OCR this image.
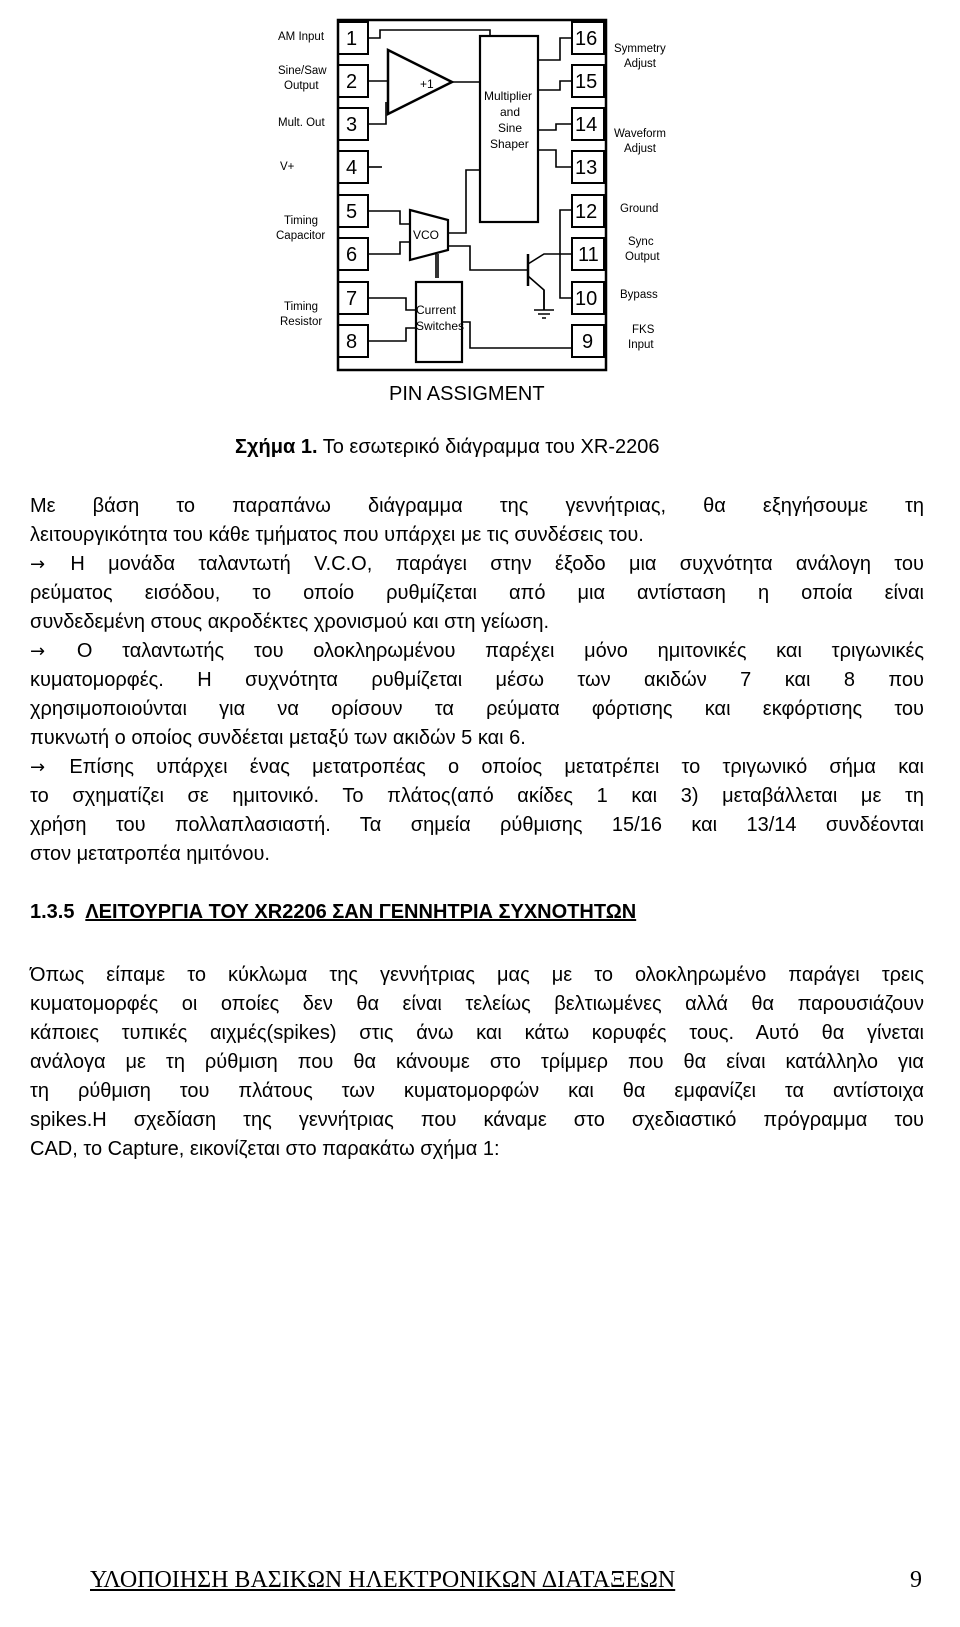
1
2
3
4
5
6
7
8
16
15
14
13
12
11
10
9
AM Input
Sine/Saw
Output
Mult. Out
V+
Timing
Capacitor
Timing
Resistor
Symmetry
Adjust
Waveform
Adjust
Ground
Sync
Output
Bypass
FKS
Input
+1
Multiplier
and
Sine
Shaper
VCO
Current
Switches
PIN ASSIGMENT
Σχήμα 1. Το εσωτερικό διάγραμμα του XR-2206
Με βάση το παραπάνω διάγραμμα της γεννήτριας, θα εξηγήσουμε τη
λειτουργικότητα του κάθε τμήματος που υπάρχει με τις συνδέσεις του.
→ Η μονάδα ταλαντωτή V.C.O, παράγει στην έξοδο μια συχνότητα ανάλογη του
ρεύματος εισόδου, το οποίο ρυθμίζεται από μια αντίσταση η οποία είναι
συνδεδεμένη στους ακροδέκτες χρονισμού και στη γείωση.
→ Ο ταλαντωτής του ολοκληρωμένου παρέχει μόνο ημιτονικές και τριγωνικές
κυματομορφές. Η συχνότητα ρυθμίζεται μέσω των ακιδών 7 και 8 που
χρησιμοποιούνται για να ορίσουν τα ρεύματα φόρτισης και εκφόρτισης του
πυκνωτή ο οποίος συνδέεται μεταξύ των ακιδών 5 και 6.
→ Επίσης υπάρχει ένας μετατροπέας ο οποίος μετατρέπει το τριγωνικό σήμα και
το σχηματίζει σε ημιτονικό. Το πλάτος(από ακίδες 1 και 3) μεταβάλλεται με τη
χρήση του πολλαπλασιαστή. Τα σημεία ρύθμισης 15/16 και 13/14 συνδέονται
στον μετατροπέα ημιτόνου.
1.3.5 ΛΕΙΤΟΥΡΓΙΑ ΤΟΥ XR2206 ΣΑΝ ΓΕΝΝΗΤΡΙΑ ΣΥΧΝΟΤΗΤΩΝ
Όπως είπαμε το κύκλωμα της γεννήτριας μας με το ολοκληρωμένο παράγει τρεις
κυματομορφές οι οποίες δεν θα είναι τελείως βελτιωμένες αλλά θα παρουσιάζουν
κάποιες τυπικές αιχμές(spikes) στις άνω και κάτω κορυφές τους. Αυτό θα γίνεται
ανάλογα με τη ρύθμιση που θα κάνουμε στο τρίμμερ που θα είναι κατάλληλο για
τη ρύθμιση του πλάτους των κυματομορφών και θα εμφανίζει τα αντίστοιχα
spikes.Η σχεδίαση της γεννήτριας που κάναμε στο σχεδιαστικό πρόγραμμα του
CAD, το Capture, εικονίζεται στο παρακάτω σχήμα 1:
ΥΛΟΠΟΙΗΣΗ ΒΑΣΙΚΩΝ ΗΛΕΚΤΡΟΝΙΚΩΝ ΔΙΑΤΑΞΕΩΝ	9
